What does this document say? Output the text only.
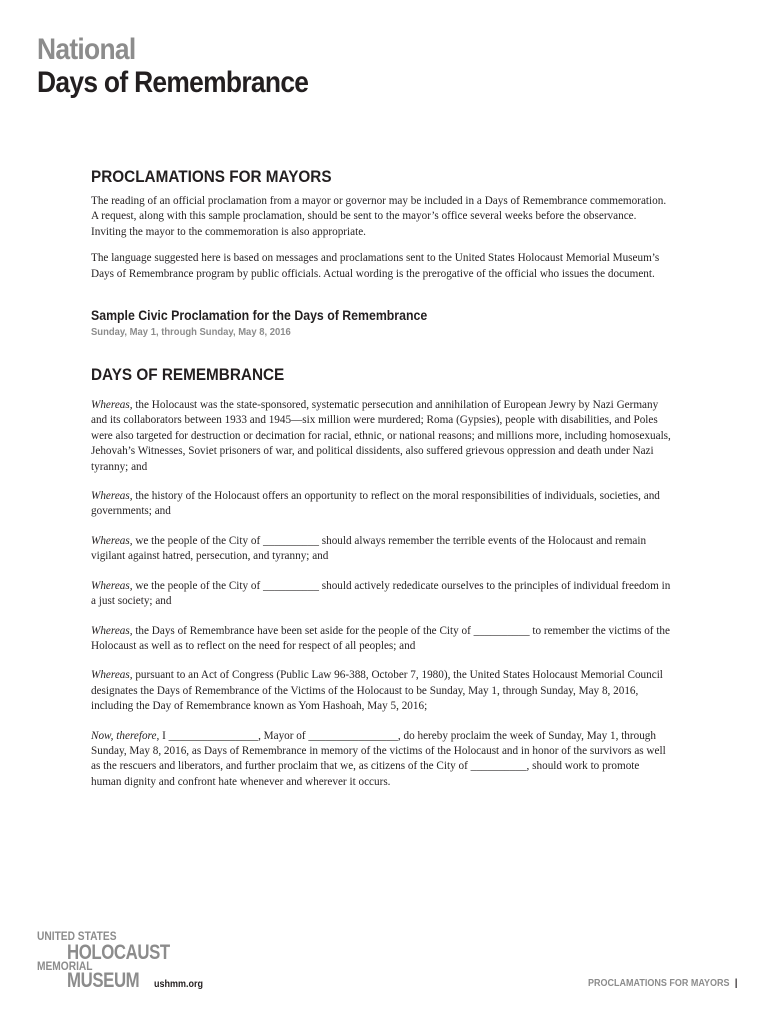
National
Days of Remembrance
PROCLAMATIONS FOR MAYORS

The reading of an official proclamation from a mayor or governor may be included in a Days of Remembrance commemoration. A request, along with this sample proclamation, should be sent to the mayor’s office several weeks before the observance. Inviting the mayor to the commemoration is also appropriate.

The language suggested here is based on messages and proclamations sent to the United States Holocaust Memorial Museum’s Days of Remembrance program by public officials. Actual wording is the prerogative of the official who issues the document.

Sample Civic Proclamation for the Days of Remembrance
Sunday, May 1, through Sunday, May 8, 2016
DAYS OF REMEMBRANCE

Whereas, the Holocaust was the state-sponsored, systematic persecution and annihilation of European Jewry by Nazi Germany and its collaborators between 1933 and 1945—six million were murdered; Roma (Gypsies), people with disabilities, and Poles were also targeted for destruction or decimation for racial, ethnic, or national reasons; and millions more, including homosexuals, Jehovah’s Witnesses, Soviet prisoners of war, and political dissidents, also suffered grievous oppression and death under Nazi tyranny; and

Whereas, the history of the Holocaust offers an opportunity to reflect on the moral responsibilities of individuals, societies, and governments; and

Whereas, we the people of the City of __________ should always remember the terrible events of the Holocaust and remain vigilant against hatred, persecution, and tyranny; and

Whereas, we the people of the City of __________ should actively rededicate ourselves to the principles of individual freedom in a just society; and

Whereas, the Days of Remembrance have been set aside for the people of the City of __________ to remember the victims of the Holocaust as well as to reflect on the need for respect of all peoples; and

Whereas, pursuant to an Act of Congress (Public Law 96-388, October 7, 1980), the United States Holocaust Memorial Council designates the Days of Remembrance of the Victims of the Holocaust to be Sunday, May 1, through Sunday, May 8, 2016, including the Day of Remembrance known as Yom Hashoah, May 5, 2016;

Now, therefore, I ________________, Mayor of ________________, do hereby proclaim the week of Sunday, May 1, through Sunday, May 8, 2016, as Days of Remembrance in memory of the victims of the Holocaust and in honor of the survivors as well as the rescuers and liberators, and further proclaim that we, as citizens of the City of __________, should work to promote human dignity and confront hate whenever and wherever it occurs.

UNITED STATES
HOLOCAUST
MEMORIAL
MUSEUM ushmm.org	PROCLAMATIONS FOR MAYORS |
